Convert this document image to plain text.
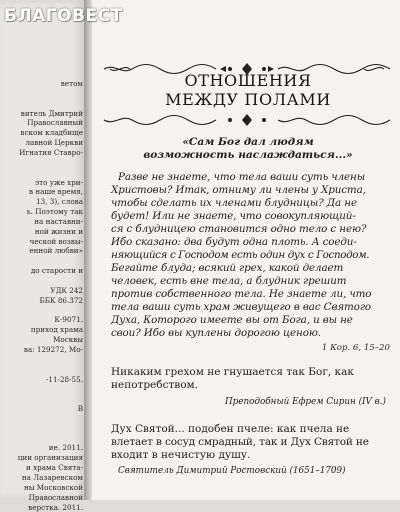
ветом
витель Дмитрий
Православный
вском кладбище
лавной Церкви
Игнатия Ставро-
это уже хри-
в наше время,
13, 3), слова
ь. Поэтому так
на наставни-
ной жизни и
ческой возвы-
енной любви»
до старости и
УДК 242
ББК 86.372
К-9071.
приход храма
Москвы
ва: 129272, Мо-
-11-28-55.
В
ие. 2011.
ции организация
и храма Свята-
на Лазаревском
ны Московской
Православной
верстка. 2011.
БЛАГОВЕСТ
ОТНОШЕНИЯ
МЕЖДУ ПОЛАМИ
«Сам Бог дал людям
возможность наслаждаться...»
Разве не знаете, что тела ваши суть члены
Христовы? Итак, отниму ли члены у Христа,
чтобы сделать их членами блудницы? Да не
будет! Или не знаете, что совокупляющий-
ся с блудницею становится одно тело с нею?
Ибо сказано: два будут одна плоть. А соеди-
няющийся с Господом есть один дух с Господом.
Бегайте блуда; всякий грех, какой делает
человек, есть вне тела, а блудник грешит
против собственного тела. Не знаете ли, что
тела ваши суть храм живущего в вас Святого
Духа, Которого имеете вы от Бога, и вы не
свои? Ибо вы куплены дорогою ценою.
1 Кор. 6, 15–20
Никаким грехом не гнушается так Бог, как
непотребством.
Преподобный Ефрем Сирин (IV в.)
Дух Святой... подобен пчеле: как пчела не
влетает в сосуд смрадный, так и Дух Святой не
входит в нечистую душу.
Святитель Димитрий Ростовский (1651–1709)
